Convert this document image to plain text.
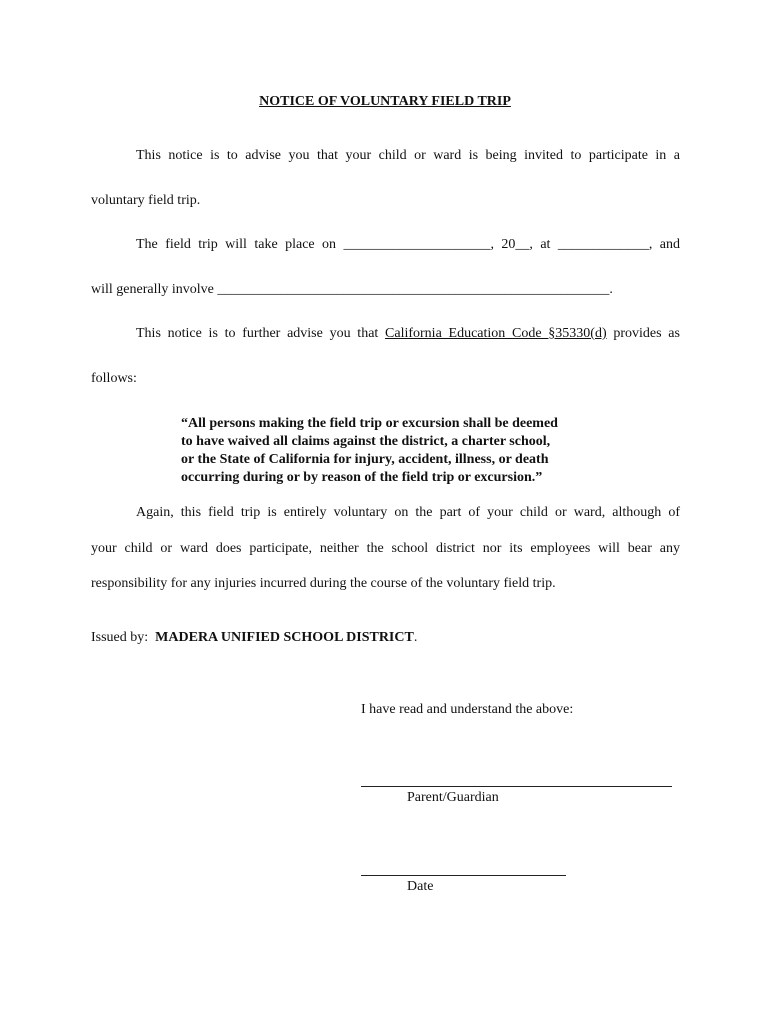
NOTICE OF VOLUNTARY FIELD TRIP
This notice is to advise you that your child or ward is being invited to participate in a
voluntary field trip.
The field trip will take place on _____________________, 20__, at _____________, and
will generally involve ________________________________________________________.
This notice is to further advise you that California Education Code §35330(d) provides as
follows:
“All persons making the field trip or excursion shall be deemed
to have waived all claims against the district, a charter school,
or the State of California for injury, accident, illness, or death
occurring during or by reason of the field trip or excursion.”
Again, this field trip is entirely voluntary on the part of your child or ward, although of
your child or ward does participate, neither the school district nor its employees will bear any
responsibility for any injuries incurred during the course of the voluntary field trip.
Issued by:  MADERA UNIFIED SCHOOL DISTRICT.
I have read and understand the above:
Parent/Guardian
Date
